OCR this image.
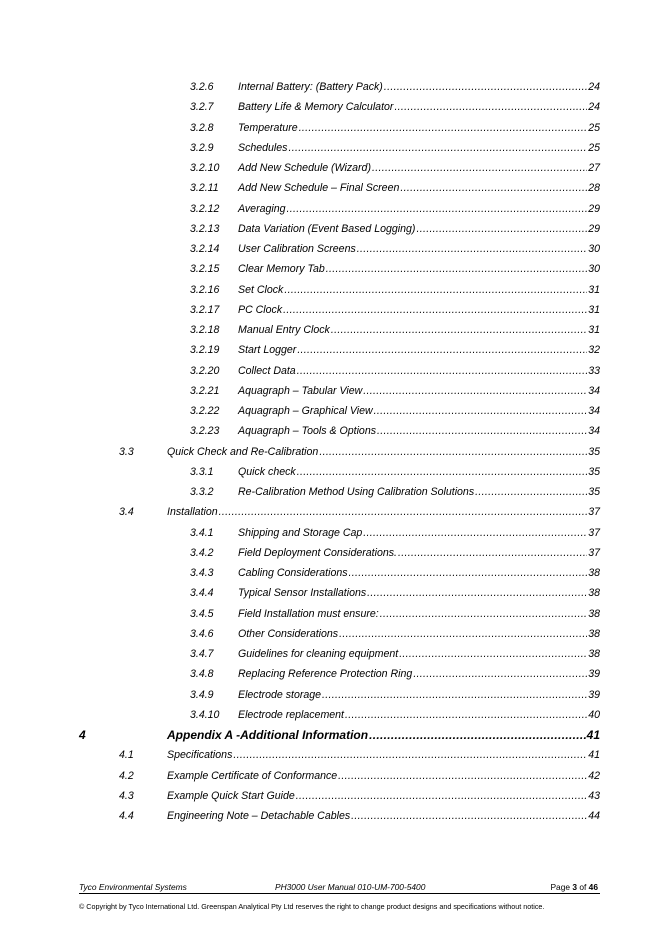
3.2.6 Internal Battery: (Battery Pack) .....	24
3.2.7 Battery Life & Memory Calculator .....	24
3.2.8 Temperature .....	25
3.2.9 Schedules .....	25
3.2.10 Add New Schedule (Wizard) .....	27
3.2.11 Add New Schedule – Final Screen .....	28
3.2.12 Averaging .....	29
3.2.13 Data Variation (Event Based Logging) .....	29
3.2.14 User Calibration Screens .....	30
3.2.15 Clear Memory Tab .....	30
3.2.16 Set Clock .....	31
3.2.17 PC Clock .....	31
3.2.18 Manual Entry Clock .....	31
3.2.19 Start Logger .....	32
3.2.20 Collect Data .....	33
3.2.21 Aquagraph – Tabular View .....	34
3.2.22 Aquagraph – Graphical View .....	34
3.2.23 Aquagraph – Tools & Options .....	34
3.3	Quick Check and Re-Calibration .....	35
3.3.1 Quick check .....	35
3.3.2 Re-Calibration Method Using Calibration Solutions .....	35
3.4	Installation .....	37
3.4.1 Shipping and Storage Cap .....	37
3.4.2 Field Deployment Considerations. .....	37
3.4.3 Cabling Considerations .....	38
3.4.4 Typical Sensor Installations .....	38
3.4.5 Field Installation must ensure: .....	38
3.4.6 Other Considerations .....	38
3.4.7 Guidelines for cleaning equipment .....	38
3.4.8 Replacing Reference Protection Ring .....	39
3.4.9 Electrode storage .....	39
3.4.10 Electrode replacement .....	40
4	Appendix A -Additional Information .....	41
4.1	Specifications .....	41
4.2	Example Certificate of Conformance .....	42
4.3	Example Quick Start Guide .....	43
4.4	Engineering Note – Detachable Cables .....	44
Tyco Environmental Systems	PH3000 User Manual 010-UM-700-5400	Page 3 of 46
© Copyright by Tyco International Ltd. Greenspan Analytical Pty Ltd reserves the right to change product designs and specifications without notice.
